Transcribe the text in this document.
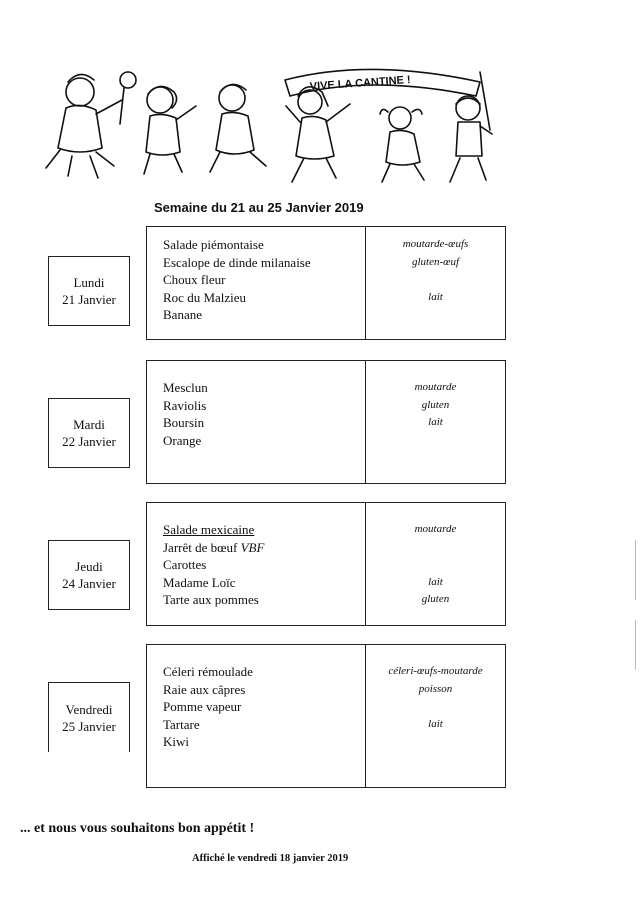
VIVE LA CANTINE !
Semaine du 21 au 25 Janvier 2019
Lundi
21 Janvier
Salade piémontaise
Escalope de dinde milanaise
Choux fleur
Roc du Malzieu
Banane
moutarde-œufs
gluten-œuf
lait
Mardi
22 Janvier
Mesclun
Raviolis
Boursin
Orange
moutarde
gluten
lait
Jeudi
24 Janvier
Salade mexicaine
Jarrêt de bœuf VBF
Carottes
Madame Loïc
Tarte aux pommes
moutarde
lait
gluten
Vendredi
25 Janvier
Céleri rémoulade
Raie aux câpres
Pomme vapeur
Tartare
Kiwi
céleri-œufs-moutarde
poisson
lait
... et nous vous souhaitons bon appétit !
Affiché le vendredi 18 janvier 2019
